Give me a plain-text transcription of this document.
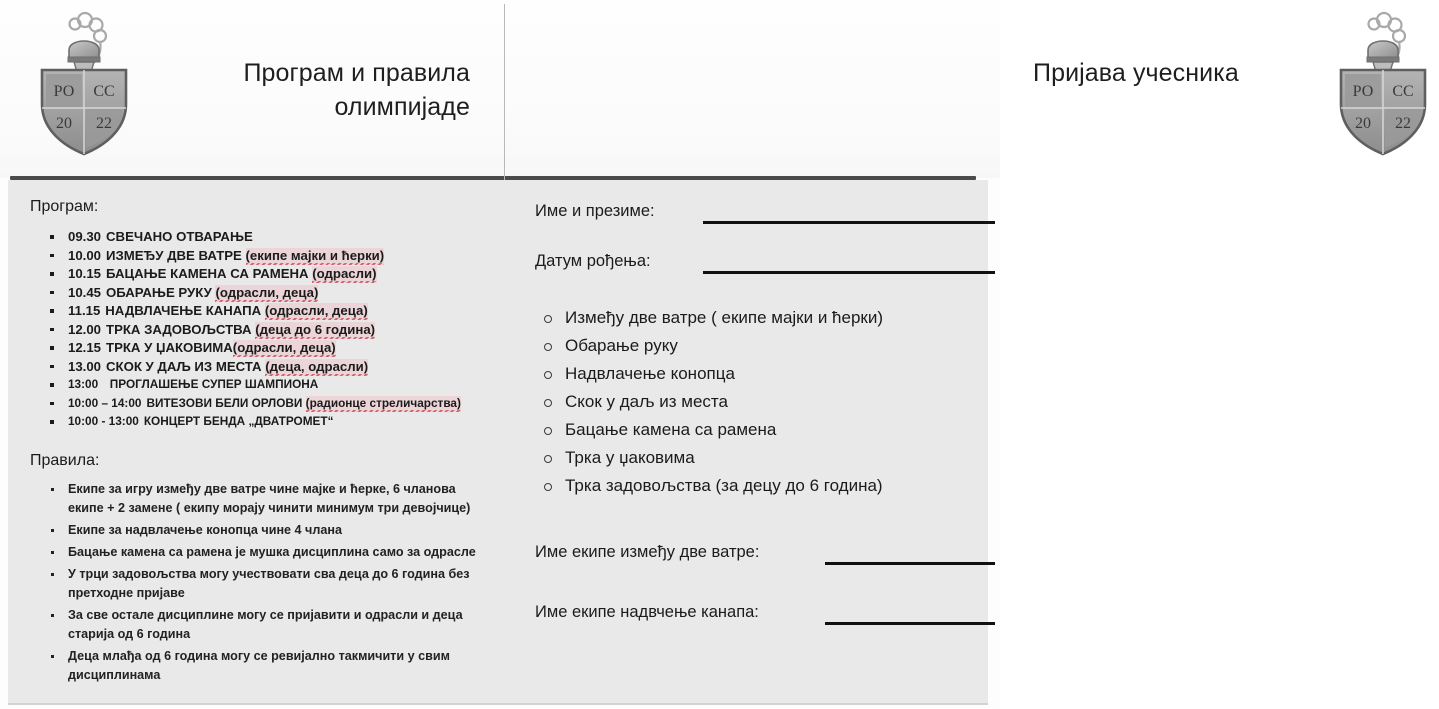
РО СС
20 22
Програм и правила олимпијаде
Пријава учесника
РО СС
20 22
Програм:
09.30 СВЕЧАНО ОТВАРАЊЕ
10.00 ИЗМЕЂУ ДВЕ ВАТРЕ (екипе мајки и ћерки)
10.15 БАЦАЊЕ КАМЕНА СА РАМЕНА (одрасли)
10.45 ОБАРАЊЕ РУКУ (одрасли, деца)
11.15 НАДВЛАЧЕЊЕ КАНАПА (одрасли, деца)
12.00 ТРКА ЗАДОВОЉСТВА (деца до 6 година)
12.15 ТРКА У ЏАКОВИМА(одрасли, деца)
13.00 СКОК У ДАЉ ИЗ МЕСТА (деца, одрасли)
13:00 ПРОГЛАШЕЊЕ СУПЕР ШАМПИОНА
10:00 – 14:00 ВИТЕЗОВИ БЕЛИ ОРЛОВИ (радионце стреличарства)
10:00 - 13:00 КОНЦЕРТ БЕНДА „ДВАТРОМЕТ“
Правила:
Екипе за игру између две ватре чине мајке и ћерке, 6 чланова екипе + 2 замене ( екипу морају чинити минимум три девојчице)
Екипе за надвлачење конопца чине 4 члана
Бацање камена са рамена је мушка дисциплина само за одрасле
У трци задовољства могу учествовати сва деца до 6 година без претходне пријаве
За све остале дисциплине могу се пријавити и одрасли и деца старија од 6 година
Деца млађа од 6 година могу се ревијално такмичити у свим дисциплинама
Име и презиме:
Датум рођења:
Између две ватре ( екипе мајки и ћерки)
Обарање руку
Надвлачење конопца
Скок у даљ из места
Бацање камена са рамена
Трка у џаковима
Трка задовољства (за децу до 6 година)
Име екипе између две ватре:
Име екипе надвчење канапа:
